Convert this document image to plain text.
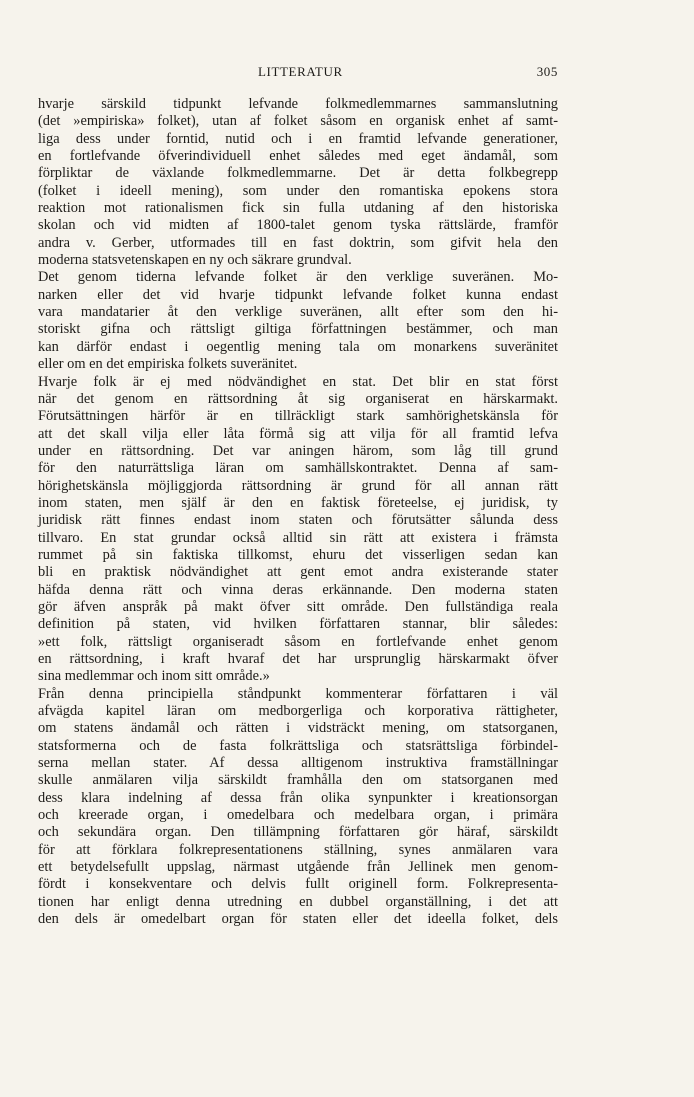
LITTERATUR	305
hvarje särskild tidpunkt lefvande folkmedlemmarnes sammanslutning
(det »empiriska» folket), utan af folket såsom en organisk enhet af samt-
liga dess under forntid, nutid och i en framtid lefvande generationer,
en fortlefvande öfverindividuell enhet således med eget ändamål, som
förpliktar de växlande folkmedlemmarne. Det är detta folkbegrepp
(folket i ideell mening), som under den romantiska epokens stora
reaktion mot rationalismen fick sin fulla utdaning af den historiska
skolan och vid midten af 1800-talet genom tyska rättslärde, framför
andra v. Gerber, utformades till en fast doktrin, som gifvit hela den
moderna statsvetenskapen en ny och säkrare grundval.
Det genom tiderna lefvande folket är den verklige suveränen. Mo-
narken eller det vid hvarje tidpunkt lefvande folket kunna endast
vara mandatarier åt den verklige suveränen, allt efter som den hi-
storiskt gifna och rättsligt giltiga författningen bestämmer, och man
kan därför endast i oegentlig mening tala om monarkens suveränitet
eller om en det empiriska folkets suveränitet.
Hvarje folk är ej med nödvändighet en stat. Det blir en stat först
när det genom en rättsordning åt sig organiserat en härskarmakt.
Förutsättningen härför är en tillräckligt stark samhörighetskänsla för
att det skall vilja eller låta förmå sig att vilja för all framtid lefva
under en rättsordning. Det var aningen härom, som låg till grund
för den naturrättsliga läran om samhällskontraktet. Denna af sam-
hörighetskänsla möjliggjorda rättsordning är grund för all annan rätt
inom staten, men själf är den en faktisk företeelse, ej juridisk, ty
juridisk rätt finnes endast inom staten och förutsätter sålunda dess
tillvaro. En stat grundar också alltid sin rätt att existera i främsta
rummet på sin faktiska tillkomst, ehuru det visserligen sedan kan
bli en praktisk nödvändighet att gent emot andra existerande stater
häfda denna rätt och vinna deras erkännande. Den moderna staten
gör äfven anspråk på makt öfver sitt område. Den fullständiga reala
definition på staten, vid hvilken författaren stannar, blir således:
»ett folk, rättsligt organiseradt såsom en fortlefvande enhet genom
en rättsordning, i kraft hvaraf det har ursprunglig härskarmakt öfver
sina medlemmar och inom sitt område.»
Från denna principiella ståndpunkt kommenterar författaren i väl
afvägda kapitel läran om medborgerliga och korporativa rättigheter,
om statens ändamål och rätten i vidsträckt mening, om statsorganen,
statsformerna och de fasta folkrättsliga och statsrättsliga förbindel-
serna mellan stater. Af dessa alltigenom instruktiva framställningar
skulle anmälaren vilja särskildt framhålla den om statsorganen med
dess klara indelning af dessa från olika synpunkter i kreationsorgan
och kreerade organ, i omedelbara och medelbara organ, i primära
och sekundära organ. Den tillämpning författaren gör häraf, särskildt
för att förklara folkrepresentationens ställning, synes anmälaren vara
ett betydelsefullt uppslag, närmast utgående från Jellinek men genom-
fördt i konsekventare och delvis fullt originell form. Folkrepresenta-
tionen har enligt denna utredning en dubbel organställning, i det att
den dels är omedelbart organ för staten eller det ideella folket, dels
